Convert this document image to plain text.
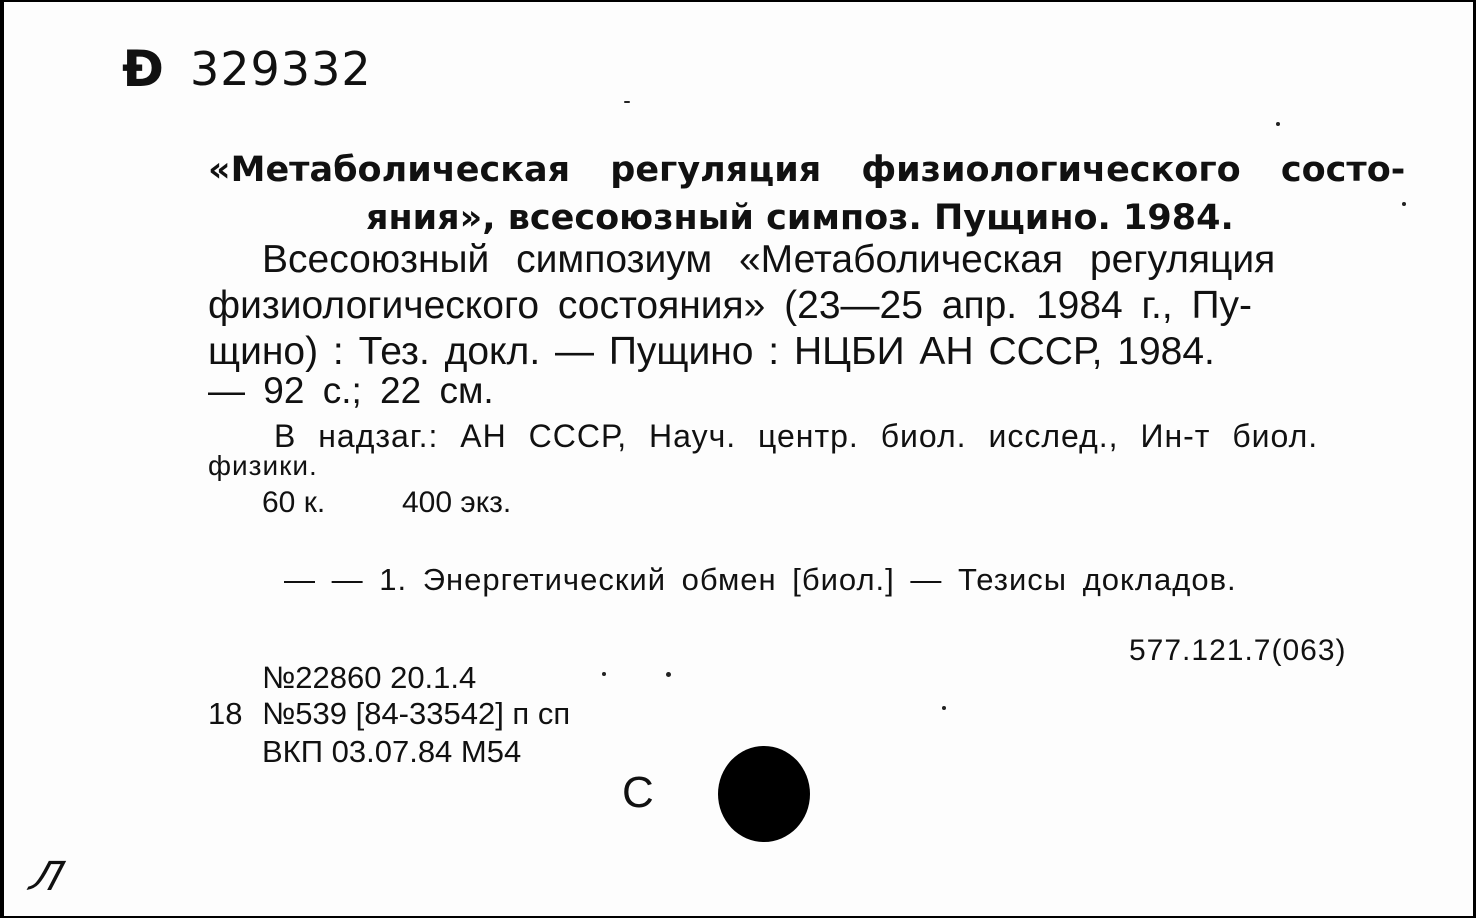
Ɖ 329332
«Метаболическая регуляция физиологического состо-
яния», всесоюзный симпоз. Пущино. 1984.
Всесоюзный симпозиум «Метаболическая регуляция
физиологического состояния» (23—25 апр. 1984 г., Пу-
щино) : Тез. докл. — Пущино : НЦБИ АН СССР, 1984.
— 92 с.; 22 см.
В надзаг.: АН СССР, Науч. центр. биол. исслед., Ин-т биол.
физики.
60 к.	400 экз.
— — 1. Энергетический обмен [биол.] — Тезисы докладов.
577.121.7(063)
№22860 20.1.4
18 №539 [84-33542] п сп
ВКП 03.07.84 М54
С
Л
